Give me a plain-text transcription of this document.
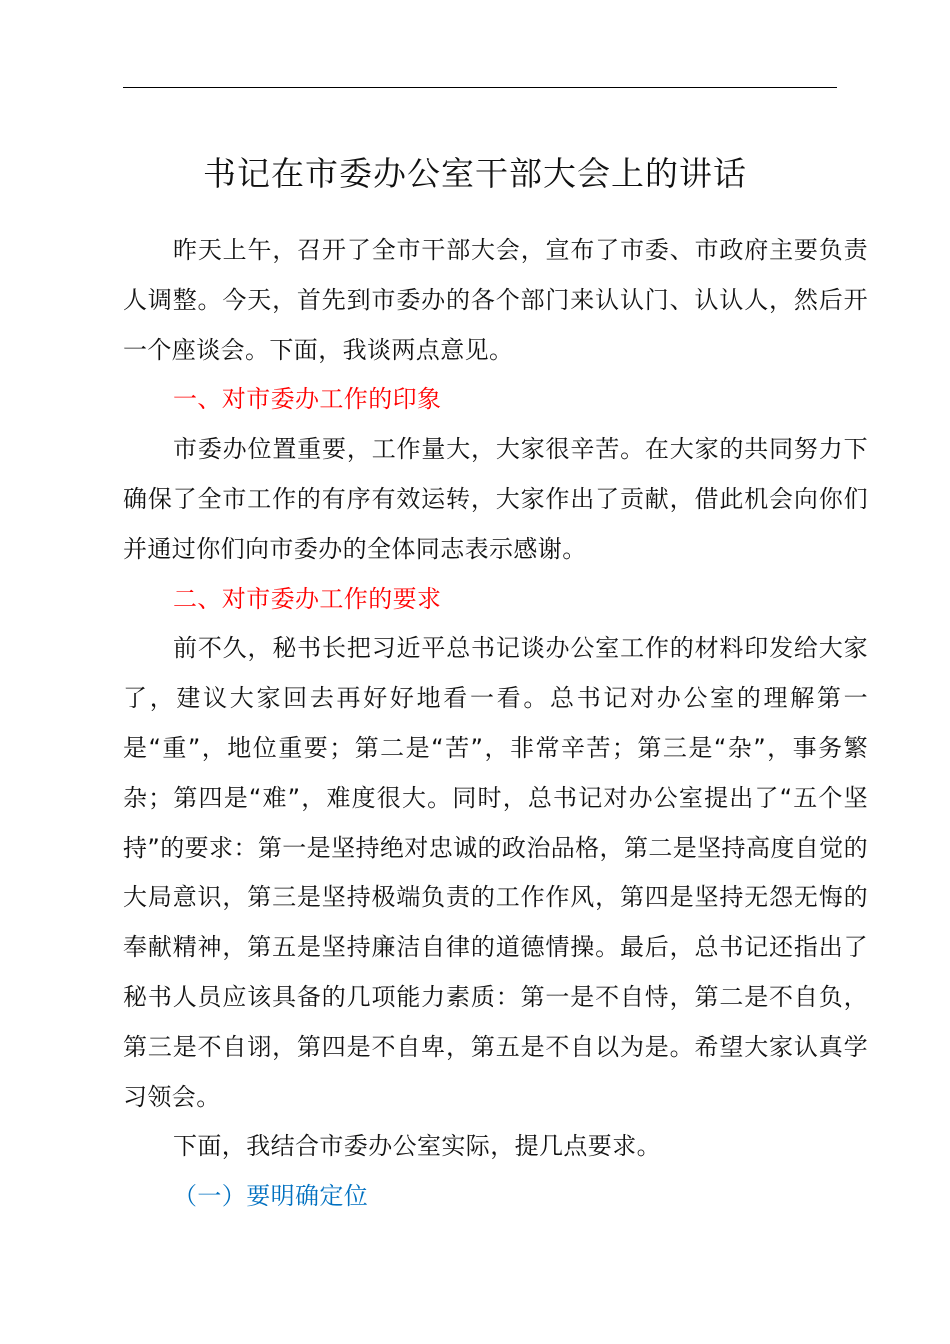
书记在市委办公室干部大会上的讲话

昨天上午，召开了全市干部大会，宣布了市委、市政府主要负责人调整。今天，首先到市委办的各个部门来认认门、认认人，然后开一个座谈会。下面，我谈两点意见。

一、对市委办工作的印象

市委办位置重要，工作量大，大家很辛苦。在大家的共同努力下确保了全市工作的有序有效运转，大家作出了贡献，借此机会向你们并通过你们向市委办的全体同志表示感谢。

二、对市委办工作的要求

前不久，秘书长把习近平总书记谈办公室工作的材料印发给大家了，建议大家回去再好好地看一看。总书记对办公室的理解第一是“重”，地位重要；第二是“苦”，非常辛苦；第三是“杂”，事务繁杂；第四是“难”，难度很大。同时，总书记对办公室提出了“五个坚持”的要求：第一是坚持绝对忠诚的政治品格，第二是坚持高度自觉的大局意识，第三是坚持极端负责的工作作风，第四是坚持无怨无悔的奉献精神，第五是坚持廉洁自律的道德情操。最后，总书记还指出了秘书人员应该具备的几项能力素质：第一是不自恃，第二是不自负，第三是不自诩，第四是不自卑，第五是不自以为是。希望大家认真学习领会。

下面，我结合市委办公室实际，提几点要求。

（一）要明确定位
